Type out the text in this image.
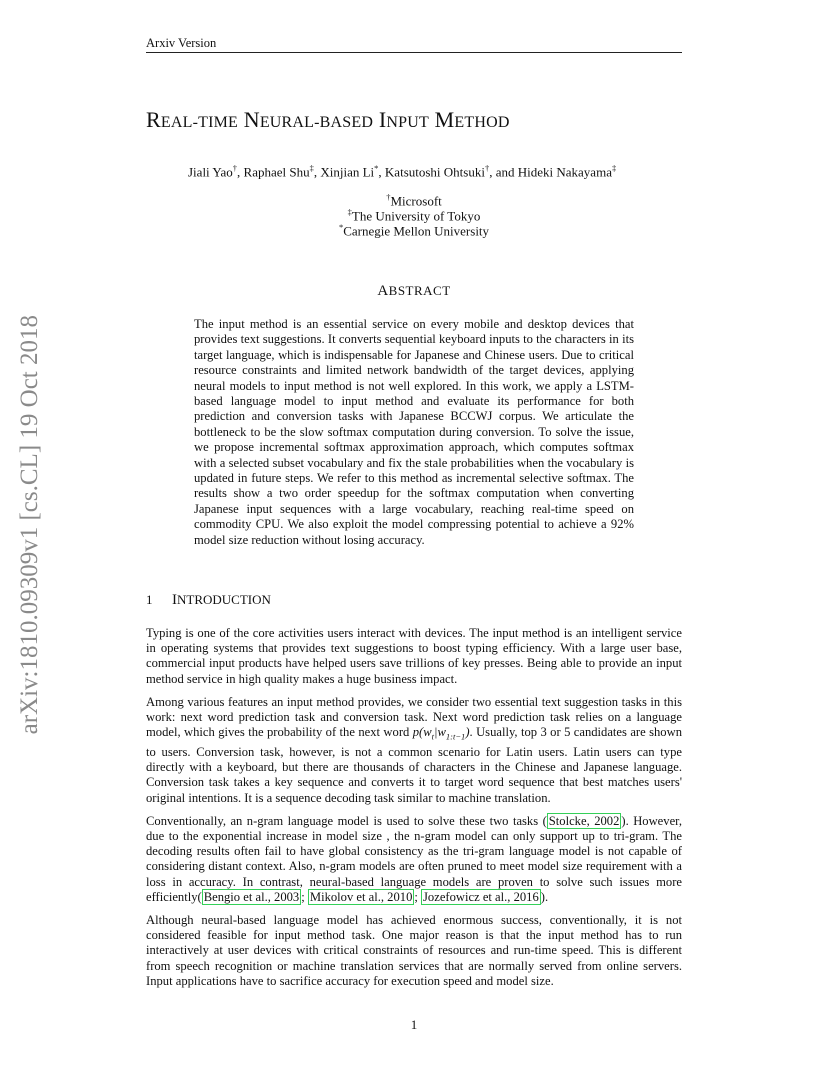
Arxiv Version
arXiv:1810.09309v1 [cs.CL] 19 Oct 2018
REAL-TIME NEURAL-BASED INPUT METHOD
Jiali Yao†, Raphael Shu‡, Xinjian Li*, Katsutoshi Ohtsuki†, and Hideki Nakayama‡
†Microsoft
‡The University of Tokyo
*Carnegie Mellon University
ABSTRACT
The input method is an essential service on every mobile and desktop devices that provides text suggestions. It converts sequential keyboard inputs to the characters in its target language, which is indispensable for Japanese and Chinese users. Due to critical resource constraints and limited network bandwidth of the target devices, applying neural models to input method is not well explored. In this work, we apply a LSTM-based language model to input method and evaluate its performance for both prediction and conversion tasks with Japanese BCCWJ corpus. We articulate the bottleneck to be the slow softmax computation during conversion. To solve the issue, we propose incremental softmax approximation approach, which computes softmax with a selected subset vocabulary and fix the stale probabilities when the vocabulary is updated in future steps. We refer to this method as incremental selective softmax. The results show a two order speedup for the softmax computation when converting Japanese input sequences with a large vocabulary, reaching real-time speed on commodity CPU. We also exploit the model compressing potential to achieve a 92% model size reduction without losing accuracy.
1 INTRODUCTION

Typing is one of the core activities users interact with devices. The input method is an intelligent service in operating systems that provides text suggestions to boost typing efficiency. With a large user base, commercial input products have helped users save trillions of key presses. Being able to provide an input method service in high quality makes a huge business impact.

Among various features an input method provides, we consider two essential text suggestion tasks in this work: next word prediction task and conversion task. Next word prediction task relies on a language model, which gives the probability of the next word $p(w_t|w_{1:t-1})$. Usually, top 3 or 5 candidates are shown to users. Conversion task, however, is not a common scenario for Latin users. Latin users can type directly with a keyboard, but there are thousands of characters in the Chinese and Japanese language. Conversion task takes a key sequence and converts it to target word sequence that best matches users' original intentions. It is a sequence decoding task similar to machine translation.

Conventionally, an n-gram language model is used to solve these two tasks ( Stolcke, 2002 ). However, due to the exponential increase in model size , the n-gram model can only support up to tri-gram. The decoding results often fail to have global consistency as the tri-gram language model is not capable of considering distant context. Also, n-gram models are often pruned to meet model size requirement with a loss in accuracy. In contrast, neural-based language models are proven to solve such issues more efficiently( Bengio et al., 2003 ; Mikolov et al., 2010 ; Jozefowicz et al., 2016 ).

Although neural-based language model has achieved enormous success, conventionally, it is not considered feasible for input method task. One major reason is that the input method has to run interactively at user devices with critical constraints of resources and run-time speed. This is different from speech recognition or machine translation services that are normally served from online servers. Input applications have to sacrifice accuracy for execution speed and model size.

1
